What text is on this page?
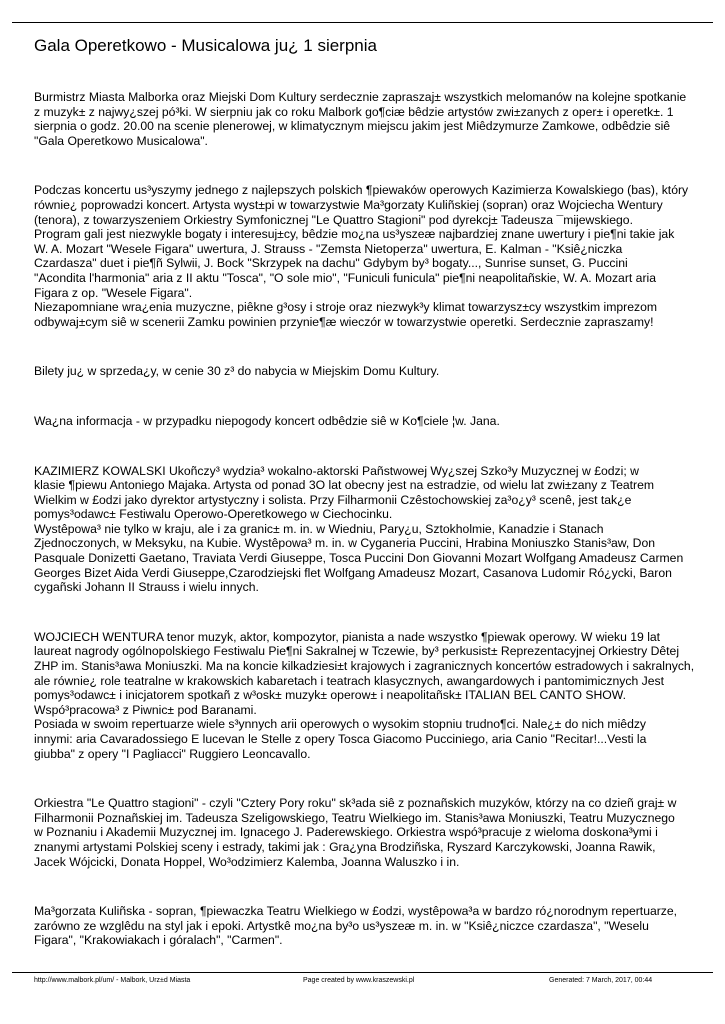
Gala Operetkowo - Musicalowa ju¿ 1 sierpnia

Burmistrz Miasta Malborka oraz Miejski Dom Kultury serdecznie zapraszaj± wszystkich melomanów na kolejne spotkanie
z muzyk± z najwy¿szej pó³ki. W sierpniu jak co roku Malbork go¶ciæ bêdzie artystów zwi±zanych z oper± i operetk±. 1
sierpnia o godz. 20.00 na scenie plenerowej, w klimatycznym miejscu jakim jest Miêdzymurze Zamkowe, odbêdzie siê
"Gala Operetkowo Musicalowa".

Podczas koncertu us³yszymy jednego z najlepszych polskich ¶piewaków operowych Kazimierza Kowalskiego (bas), który
równie¿ poprowadzi koncert. Artysta wyst±pi w towarzystwie Ma³gorzaty Kuliñskiej (sopran) oraz Wojciecha Wentury
(tenora), z towarzyszeniem Orkiestry Symfonicznej "Le Quattro Stagioni" pod dyrekcj± Tadeusza ¯mijewskiego.
Program gali jest niezwykle bogaty i interesuj±cy, bêdzie mo¿na us³yszeæ najbardziej znane uwertury i pie¶ni takie jak
W. A. Mozart "Wesele Figara" uwertura, J. Strauss - "Zemsta Nietoperza" uwertura, E. Kalman - "Ksiê¿niczka
Czardasza" duet i pie¶ñ Sylwii, J. Bock "Skrzypek na dachu" Gdybym by³ bogaty..., Sunrise sunset, G. Puccini
"Acondita l'harmonia" aria z II aktu "Tosca", "O sole mio", "Funiculi funicula" pie¶ni neapolitañskie, W. A. Mozart aria
Figara z op. "Wesele Figara".
Niezapomniane wra¿enia muzyczne, piêkne g³osy i stroje oraz niezwyk³y klimat towarzysz±cy wszystkim imprezom
odbywaj±cym siê w scenerii Zamku powinien przynie¶æ wieczór w towarzystwie operetki. Serdecznie zapraszamy!

Bilety ju¿ w sprzeda¿y, w cenie 30 z³ do nabycia w Miejskim Domu Kultury.

Wa¿na informacja - w przypadku niepogody koncert odbêdzie siê w Ko¶ciele ¦w. Jana.

KAZIMIERZ KOWALSKI Ukoñczy³ wydzia³ wokalno-aktorski Pañstwowej Wy¿szej Szko³y Muzycznej w £odzi; w
klasie ¶piewu Antoniego Majaka. Artysta od ponad 3O lat obecny jest na estradzie, od wielu lat zwi±zany z Teatrem
Wielkim w £odzi jako dyrektor artystyczny i solista. Przy Filharmonii Czêstochowskiej za³o¿y³ scenê, jest tak¿e
pomys³odawc± Festiwalu Operowo-Operetkowego w Ciechocinku.
Wystêpowa³ nie tylko w kraju, ale i za granic± m. in. w Wiedniu, Pary¿u, Sztokholmie, Kanadzie i Stanach
Zjednoczonych, w Meksyku, na Kubie. Wystêpowa³ m. in. w Cyganeria Puccini, Hrabina Moniuszko Stanis³aw, Don
Pasquale Donizetti Gaetano, Traviata Verdi Giuseppe, Tosca Puccini Don Giovanni Mozart Wolfgang Amadeusz Carmen
Georges Bizet Aida Verdi Giuseppe,Czarodziejski flet Wolfgang Amadeusz Mozart, Casanova Ludomir Ró¿ycki, Baron
cygañski Johann II Strauss i wielu innych.

WOJCIECH WENTURA tenor muzyk, aktor, kompozytor, pianista a nade wszystko ¶piewak operowy. W wieku 19 lat
laureat nagrody ogólnopolskiego Festiwalu Pie¶ni Sakralnej w Tczewie, by³ perkusist± Reprezentacyjnej Orkiestry Dêtej
ZHP im. Stanis³awa Moniuszki. Ma na koncie kilkadziesi±t krajowych i zagranicznych koncertów estradowych i sakralnych,
ale równie¿ role teatralne w krakowskich kabaretach i teatrach klasycznych, awangardowych i pantomimicznych Jest
pomys³odawc± i inicjatorem spotkañ z w³osk± muzyk± operow± i neapolitañsk± ITALIAN BEL CANTO SHOW.
Wspó³pracowa³ z Piwnic± pod Baranami.
Posiada w swoim repertuarze wiele s³ynnych arii operowych o wysokim stopniu trudno¶ci. Nale¿± do nich miêdzy
innymi: aria Cavaradossiego E lucevan le Stelle z opery Tosca Giacomo Pucciniego, aria Canio "Recitar!...Vesti la
giubba" z opery "I Pagliacci" Ruggiero Leoncavallo.

Orkiestra "Le Quattro stagioni" - czyli "Cztery Pory roku" sk³ada siê z poznañskich muzyków, którzy na co dzieñ graj± w
Filharmonii Poznañskiej im. Tadeusza Szeligowskiego, Teatru Wielkiego im. Stanis³awa Moniuszki, Teatru Muzycznego
w Poznaniu i Akademii Muzycznej im. Ignacego J. Paderewskiego. Orkiestra wspó³pracuje z wieloma doskona³ymi i
znanymi artystami Polskiej sceny i estrady, takimi jak : Gra¿yna Brodziñska, Ryszard Karczykowski, Joanna Rawik,
Jacek Wójcicki, Donata Hoppel, Wo³odzimierz Kalemba, Joanna Waluszko i in.

Ma³gorzata Kuliñska - sopran, ¶piewaczka Teatru Wielkiego w £odzi, wystêpowa³a w bardzo ró¿norodnym repertuarze,
zarówno ze wzglêdu na styl jak i epoki. Artystkê mo¿na by³o us³yszeæ m. in. w "Ksiê¿niczce czardasza", "Weselu
Figara", "Krakowiakach i góralach", "Carmen".

http://www.malbork.pl/um/ - Malbork, Urz±d Miasta	Page created by www.kraszewski.pl	Generated: 7 March, 2017, 00:44
